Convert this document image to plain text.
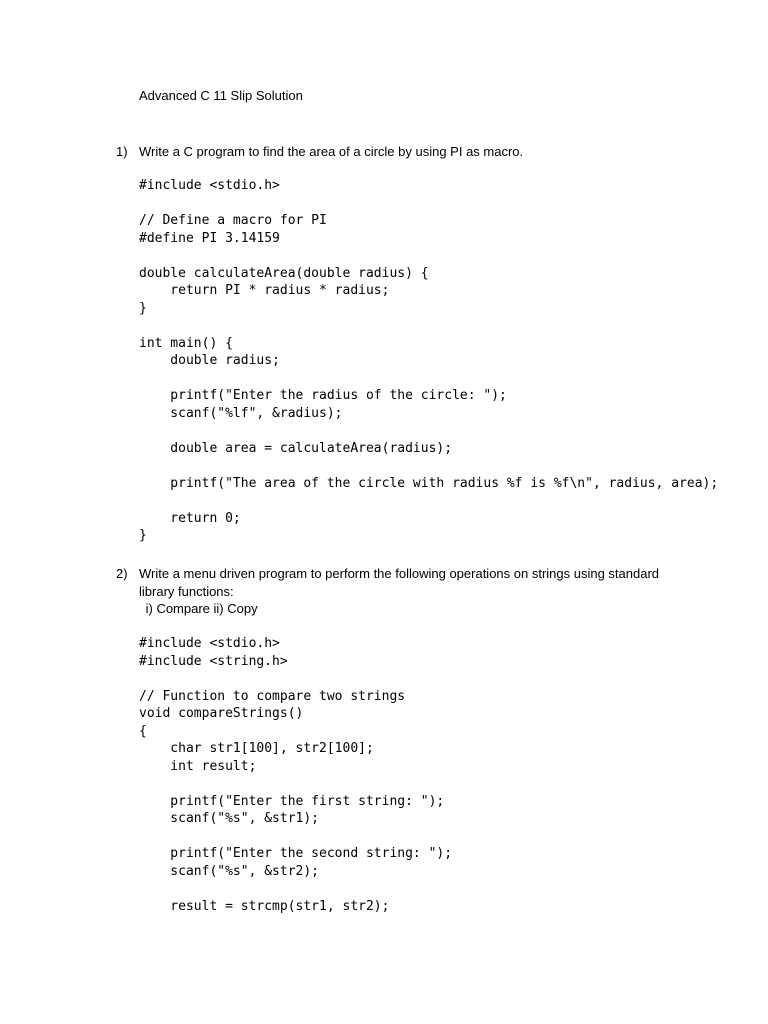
Advanced C 11 Slip Solution
1) Write a C program to find the area of a circle by using PI as macro.
#include <stdio.h>
// Define a macro for PI
#define PI 3.14159
double calculateArea(double radius) {
return PI * radius * radius;
}
int main() {
double radius;
printf("Enter the radius of the circle: ");
scanf("%lf", &radius);
double area = calculateArea(radius);
printf("The area of the circle with radius %f is %f\n", radius, area);
return 0;
}
2) Write a menu driven program to perform the following operations on strings using standard library functions:
i) Compare ii) Copy
#include <stdio.h>
#include <string.h>
// Function to compare two strings
void compareStrings()
{
char str1[100], str2[100];
int result;
printf("Enter the first string: ");
scanf("%s", &str1);
printf("Enter the second string: ");
scanf("%s", &str2);
result = strcmp(str1, str2);
